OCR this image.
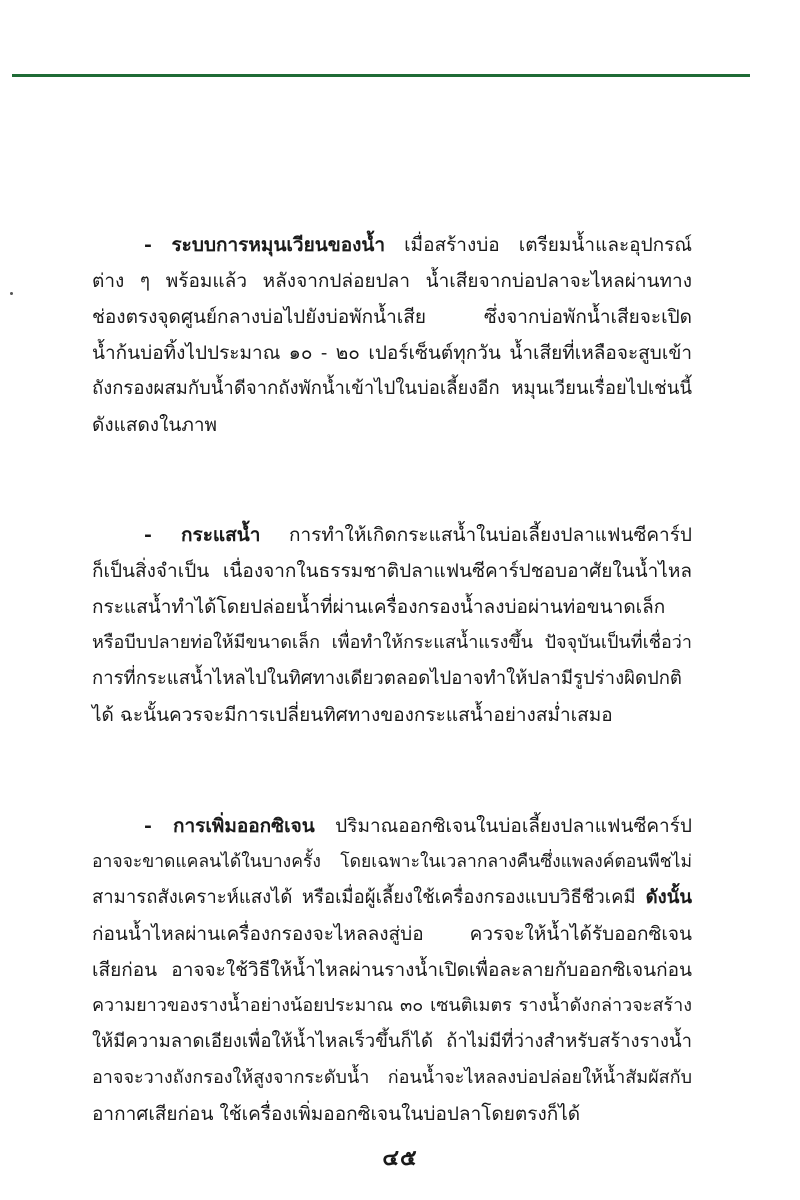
- ระบบการหมุนเวียนของน้ำ เมื่อสร้างบ่อ เตรียมน้ำและอุปกรณ์
ต่าง ๆ พร้อมแล้ว หลังจากปล่อยปลา น้ำเสียจากบ่อปลาจะไหลผ่านทาง
ช่องตรงจุดศูนย์กลางบ่อไปยังบ่อพักน้ำเสีย ซึ่งจากบ่อพักน้ำเสียจะเปิด
น้ำก้นบ่อทิ้งไปประมาณ ๑๐ - ๒๐ เปอร์เซ็นต์ทุกวัน น้ำเสียที่เหลือจะสูบเข้า
ถังกรองผสมกับน้ำดีจากถังพักน้ำเข้าไปในบ่อเลี้ยงอีก หมุนเวียนเรื่อยไปเช่นนี้
ดังแสดงในภาพ
- กระแสน้ำ การทำให้เกิดกระแสน้ำในบ่อเลี้ยงปลาแฟนซีคาร์ป
ก็เป็นสิ่งจำเป็น เนื่องจากในธรรมชาติปลาแฟนซีคาร์ปชอบอาศัยในน้ำไหล
กระแสน้ำทำได้โดยปล่อยน้ำที่ผ่านเครื่องกรองน้ำลงบ่อผ่านท่อขนาดเล็ก
หรือบีบปลายท่อให้มีขนาดเล็ก เพื่อทำให้กระแสน้ำแรงขึ้น ปัจจุบันเป็นที่เชื่อว่า
การที่กระแสน้ำไหลไปในทิศทางเดียวตลอดไปอาจทำให้ปลามีรูปร่างผิดปกติ
ได้ ฉะนั้นควรจะมีการเปลี่ยนทิศทางของกระแสน้ำอย่างสม่ำเสมอ
- การเพิ่มออกซิเจน ปริมาณออกซิเจนในบ่อเลี้ยงปลาแฟนซีคาร์ป
อาจจะขาดแคลนได้ในบางครั้ง โดยเฉพาะในเวลากลางคืนซึ่งแพลงค์ตอนพืชไม่
สามารถสังเคราะห์แสงได้ หรือเมื่อผู้เลี้ยงใช้เครื่องกรองแบบวิธีชีวเคมี ดังนั้น
ก่อนน้ำไหลผ่านเครื่องกรองจะไหลลงสู่บ่อ ควรจะให้น้ำได้รับออกซิเจน
เสียก่อน อาจจะใช้วิธีให้น้ำไหลผ่านรางน้ำเปิดเพื่อละลายกับออกซิเจนก่อน
ความยาวของรางน้ำอย่างน้อยประมาณ ๓๐ เซนติเมตร รางน้ำดังกล่าวจะสร้าง
ให้มีความลาดเอียงเพื่อให้น้ำไหลเร็วขึ้นก็ได้ ถ้าไม่มีที่ว่างสำหรับสร้างรางน้ำ
อาจจะวางถังกรองให้สูงจากระดับน้ำ ก่อนน้ำจะไหลลงบ่อปล่อยให้น้ำสัมผัสกับ
อากาศเสียก่อน ใช้เครื่องเพิ่มออกซิเจนในบ่อปลาโดยตรงก็ได้
๔๕
